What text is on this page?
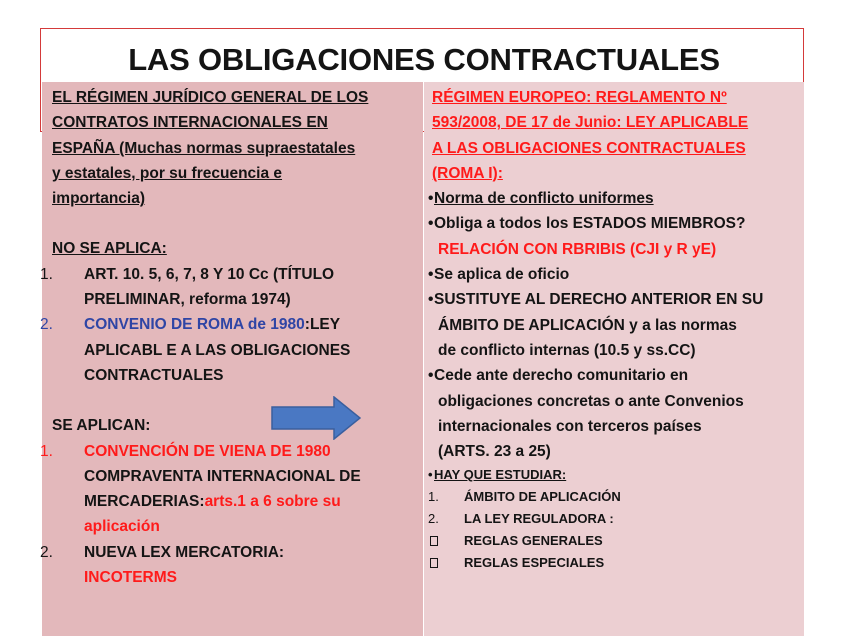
LAS OBLIGACIONES CONTRACTUALES
EL RÉGIMEN JURÍDICO GENERAL DE LOS
CONTRATOS INTERNACIONALES EN
ESPAÑA (Muchas normas supraestatales
y estatales, por su frecuencia e
importancia)
NO SE APLICA:
1. ART. 10. 5, 6, 7, 8 Y 10 Cc (TÍTULO
PRELIMINAR, reforma 1974)
2. CONVENIO DE ROMA de 1980:LEY
APLICABL E A LAS OBLIGACIONES
CONTRACTUALES
SE APLICAN:
1. CONVENCIÓN DE VIENA DE 1980
COMPRAVENTA INTERNACIONAL DE
MERCADERIAS:arts.1 a 6 sobre su
aplicación
2. NUEVA LEX MERCATORIA:
INCOTERMS
RÉGIMEN EUROPEO: REGLAMENTO Nº
593/2008, DE 17 de Junio: LEY APLICABLE
A LAS OBLIGACIONES CONTRACTUALES
(ROMA I):
• Norma de conflicto uniformes
• Obliga a todos los ESTADOS MIEMBROS?
RELACIÓN CON RBRIBIS (CJI y R yE)
• Se aplica de oficio
• SUSTITUYE AL DERECHO ANTERIOR EN SU
ÁMBITO DE APLICACIÓN y a las normas
de conflicto internas (10.5 y ss.CC)
• Cede ante derecho comunitario en
obligaciones concretas o ante Convenios
internacionales con terceros países
(ARTS. 23 a 25)
• HAY QUE ESTUDIAR:
1. ÁMBITO DE APLICACIÓN
2. LA LEY REGULADORA :
REGLAS GENERALES
REGLAS ESPECIALES
